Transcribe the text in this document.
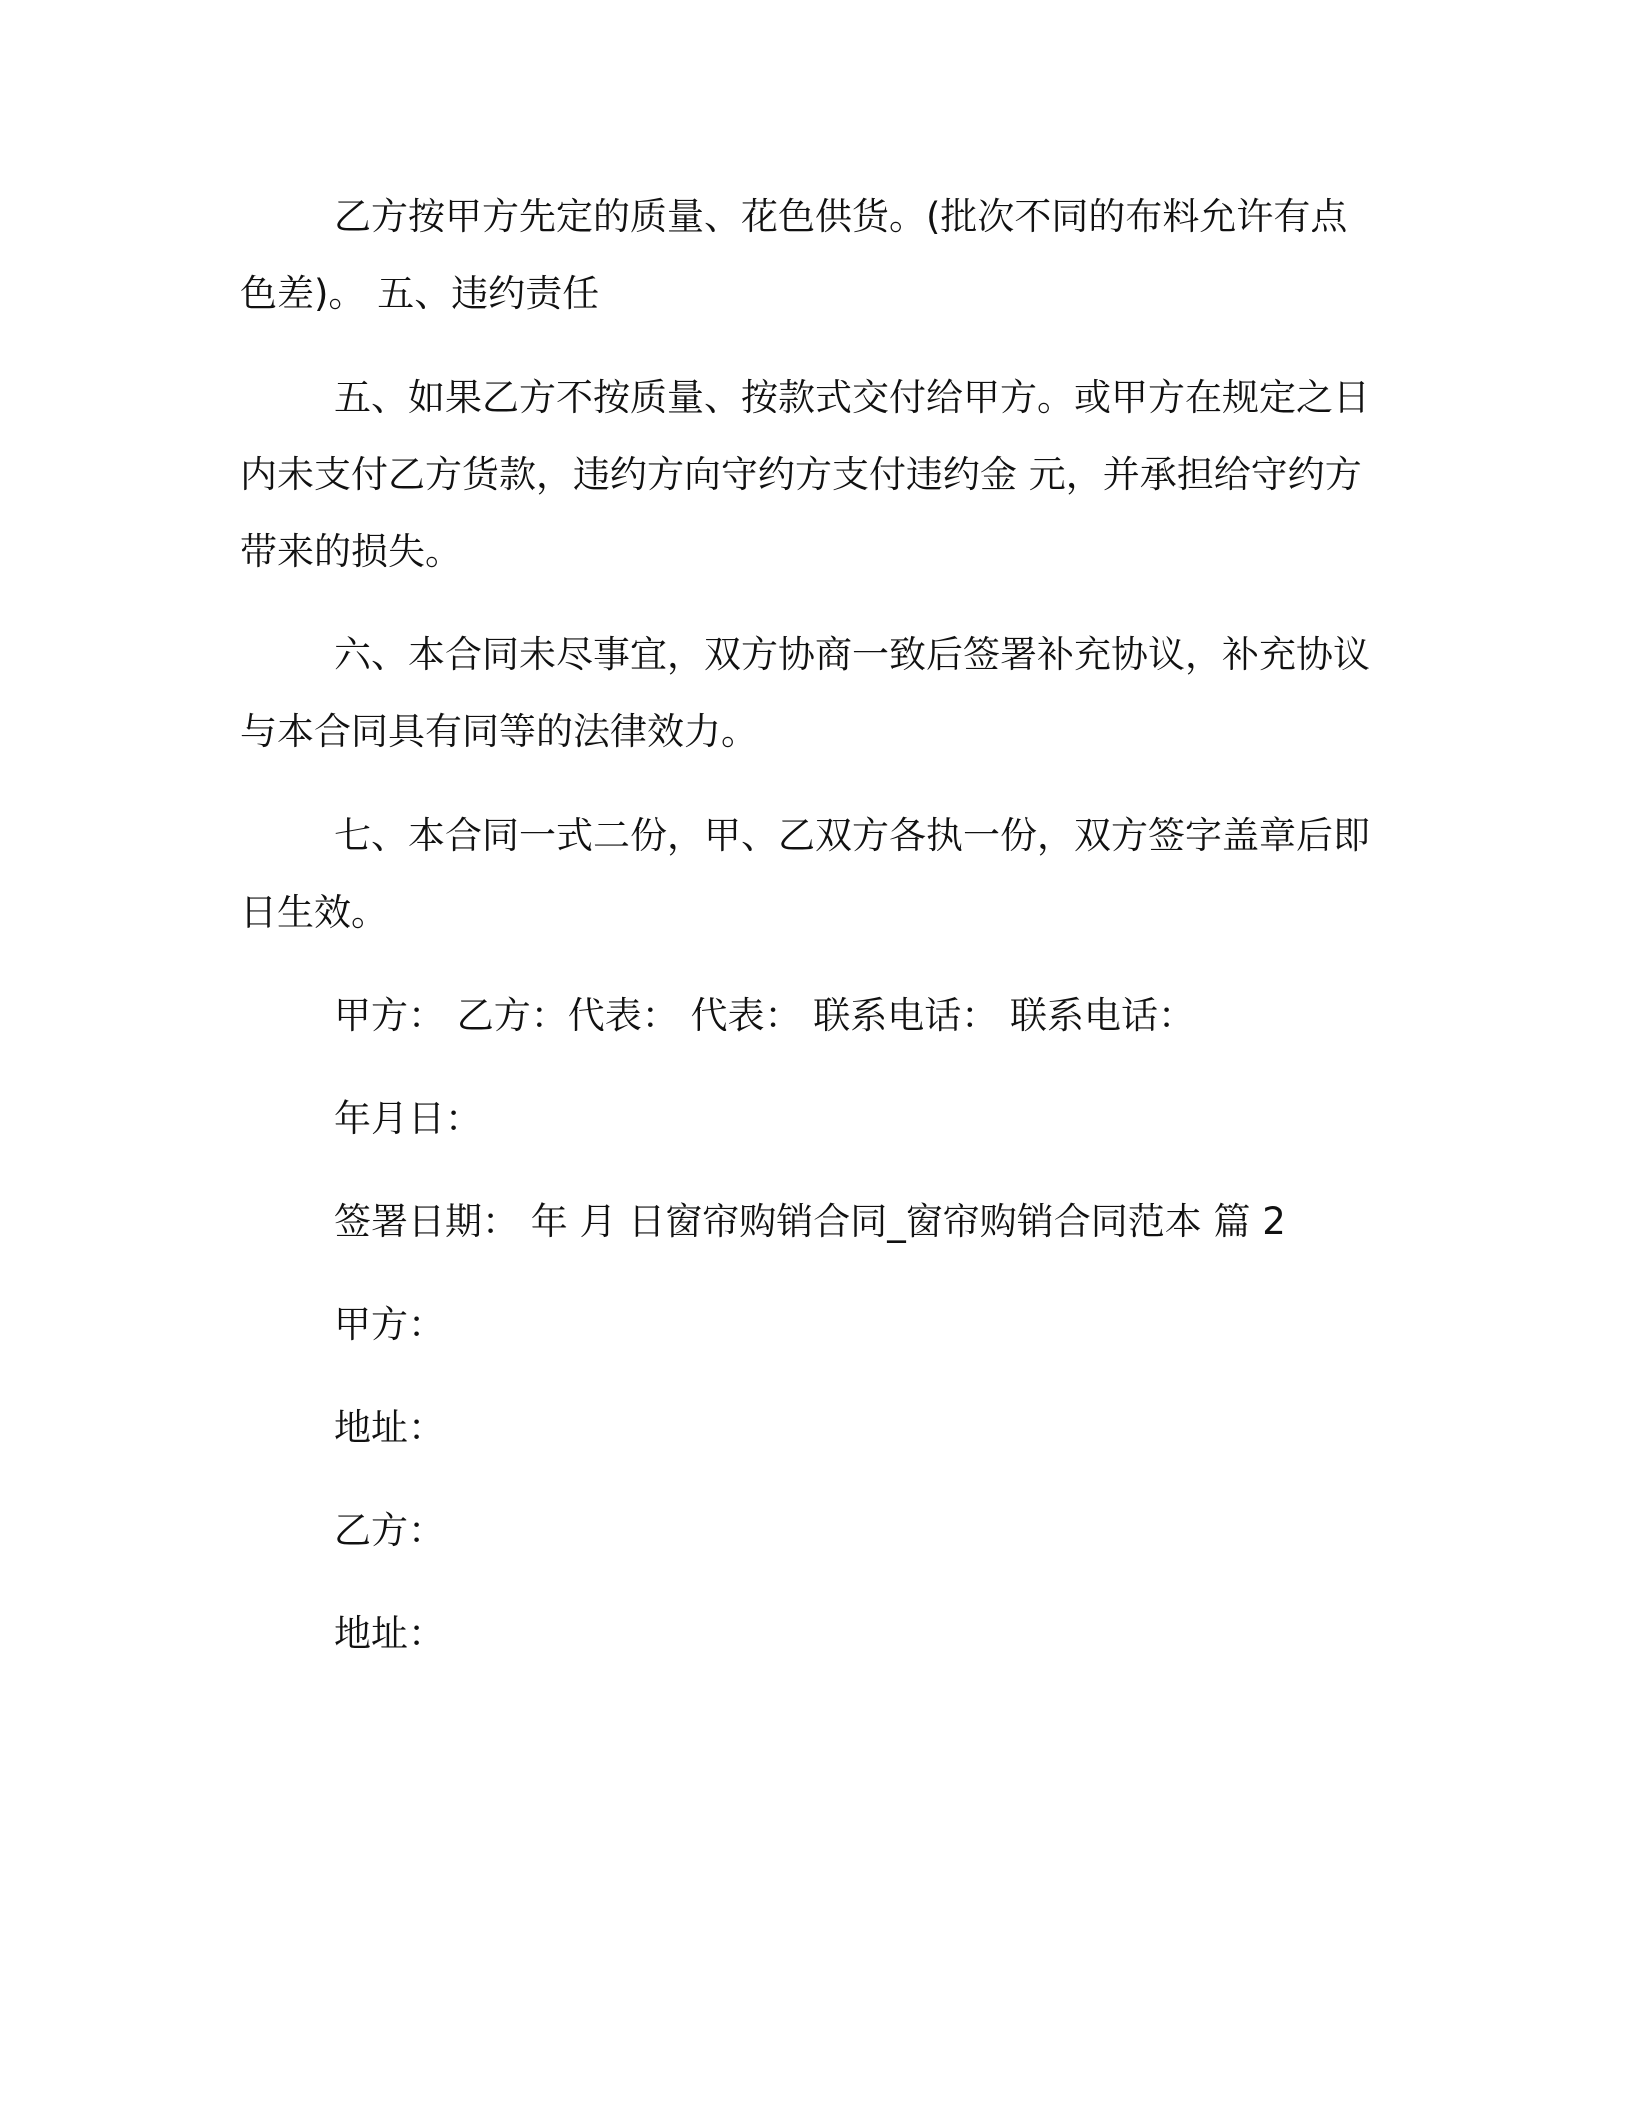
乙方按甲方先定的质量、花色供货。(批次不同的布料允许有点
色差)。 五、违约责任
五、如果乙方不按质量、按款式交付给甲方。或甲方在规定之日
内未支付乙方货款，违约方向守约方支付违约金 元，并承担给守约方
带来的损失。
六、本合同未尽事宜，双方协商一致后签署补充协议，补充协议
与本合同具有同等的法律效力。
七、本合同一式二份，甲、乙双方各执一份，双方签字盖章后即
日生效。
甲方： 乙方：代表： 代表： 联系电话： 联系电话：
年月日：
签署日期： 年 月 日窗帘购销合同_窗帘购销合同范本 篇 2
甲方：
地址：
乙方：
地址：
